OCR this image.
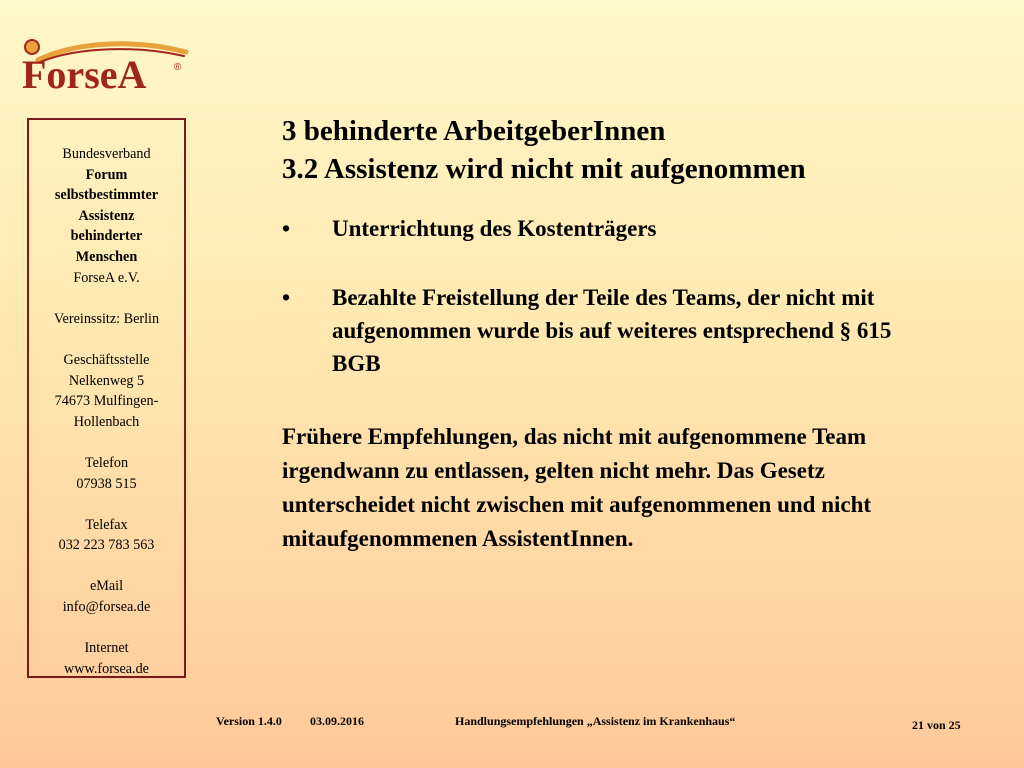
ForseA	®
Bundesverband
Forum
selbstbestimmter
Assistenz
behinderter
Menschen
ForseA e.V.
Vereinssitz: Berlin
Geschäftsstelle
Nelkenweg 5
74673 Mulfingen-
Hollenbach
Telefon
07938 515
Telefax
032 223 783 563
eMail
info@forsea.de
Internet
www.forsea.de
3 behinderte ArbeitgeberInnen
3.2 Assistenz wird nicht mit aufgenommen
• Unterrichtung des Kostenträgers
• Bezahlte Freistellung der Teile des Teams, der nicht mit aufgenommen wurde bis auf weiteres entsprechend § 615 BGB
Frühere Empfehlungen, das nicht mit aufgenommene Team irgendwann zu entlassen, gelten nicht mehr. Das Gesetz unterscheidet nicht zwischen mit aufgenommenen und nicht mitaufgenommenen AssistentInnen.
Version 1.4.0 03.09.2016	Handlungsempfehlungen „Assistenz im Krankenhaus“	21 von 25
